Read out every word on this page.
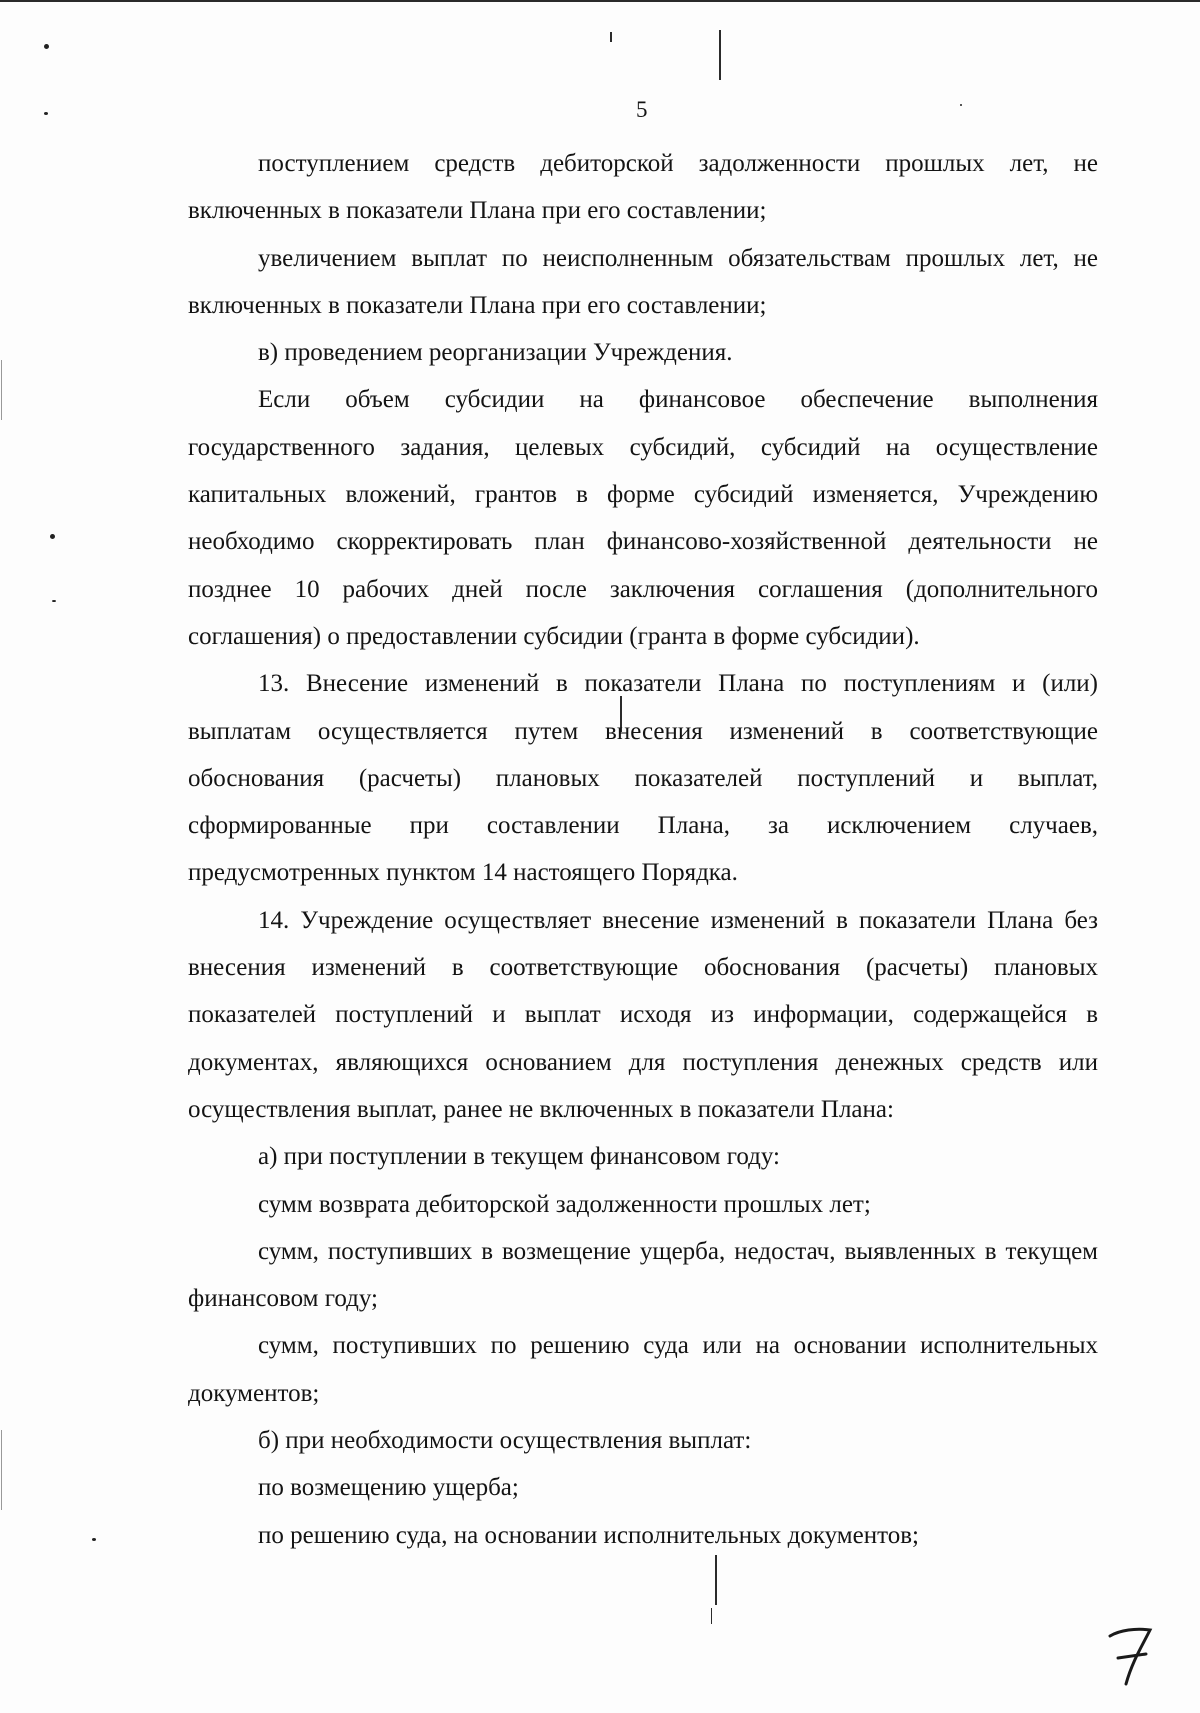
5

поступлением средств дебиторской задолженности прошлых лет, не включенных в показатели Плана при его составлении;

увеличением выплат по неисполненным обязательствам прошлых лет, не включенных в показатели Плана при его составлении;

в) проведением реорганизации Учреждения.

Если объем субсидии на финансовое обеспечение выполнения государственного задания, целевых субсидий, субсидий на осуществление капитальных вложений, грантов в форме субсидий изменяется, Учреждению необходимо скорректировать план финансово-хозяйственной деятельности не позднее 10 рабочих дней после заключения соглашения (дополнительного соглашения) о предоставлении субсидии (гранта в форме субсидии).

13. Внесение изменений в показатели Плана по поступлениям и (или) выплатам осуществляется путем внесения изменений в соответствующие обоснования (расчеты) плановых показателей поступлений и выплат, сформированные при составлении Плана, за исключением случаев, предусмотренных пунктом 14 настоящего Порядка.

14. Учреждение осуществляет внесение изменений в показатели Плана без внесения изменений в соответствующие обоснования (расчеты) плановых показателей поступлений и выплат исходя из информации, содержащейся в документах, являющихся основанием для поступления денежных средств или осуществления выплат, ранее не включенных в показатели Плана:

а) при поступлении в текущем финансовом году:

сумм возврата дебиторской задолженности прошлых лет;

сумм, поступивших в возмещение ущерба, недостач, выявленных в текущем финансовом году;

сумм, поступивших по решению суда или на основании исполнительных документов;

б) при необходимости осуществления выплат:

по возмещению ущерба;

по решению суда, на основании исполнительных документов;
